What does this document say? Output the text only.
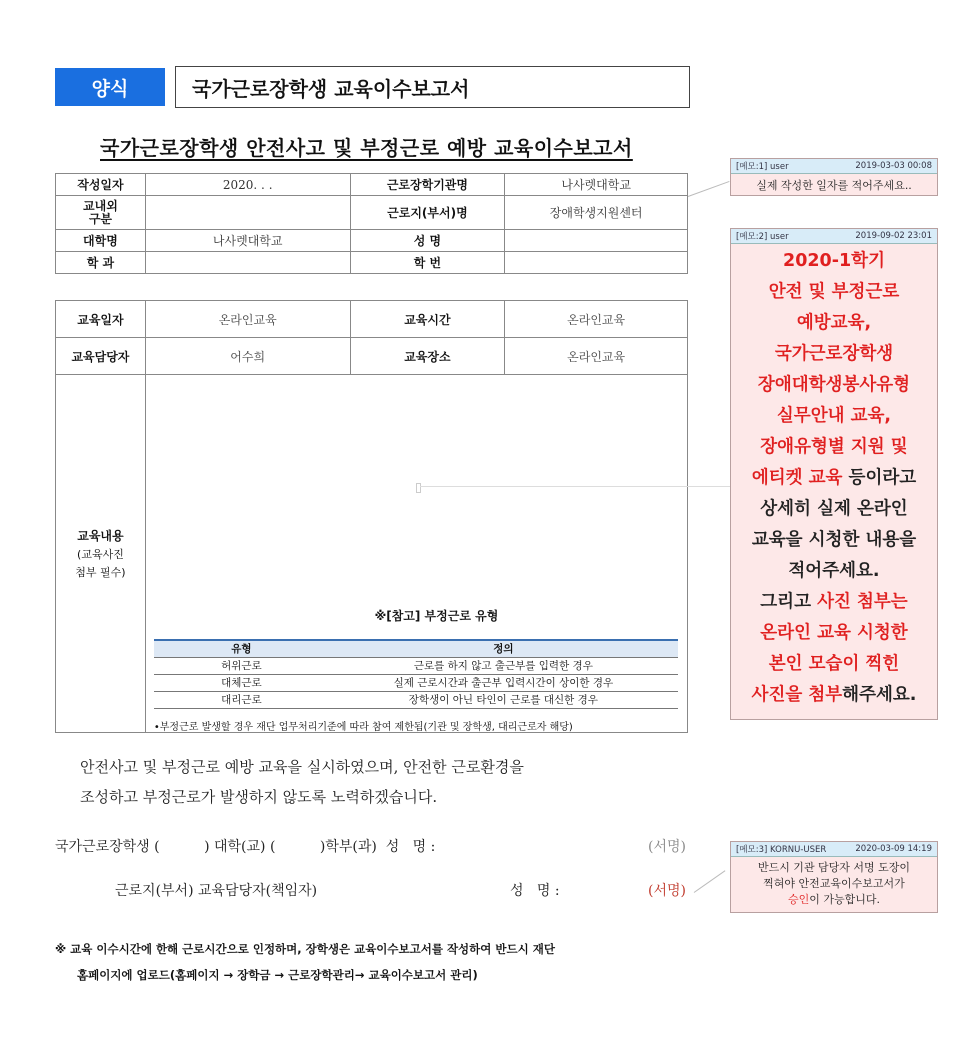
양식	국가근로장학생 교육이수보고서
국가근로장학생 안전사고 및 부정근로 예방 교육이수보고서
작성일자	2020. . .	근로장학기관명	나사렛대학교

교내외
구분		근로지(부서)명	장애학생지원센터
대학명	나사렛대학교	성 명	
학 과		학 번	
교육일자	온라인교육	교육시간	온라인교육
교육담당자	어수희	교육장소	온라인교육

교육내용
(교육사진
첨부 필수)

※[참고] 부정근로 유형
유형	정의
허위근로	근로를 하지 않고 출근부를 입력한 경우
대체근로	실제 근로시간과 출근부 입력시간이 상이한 경우
대리근로	장학생이 아닌 타인이 근로를 대신한 경우
•부정근로 발생할 경우 재단 업무처리기준에 따라 참여 제한됨(기관 및 장학생, 대리근로자 해당)
안전사고 및 부정근로 예방 교육을 실시하였으며, 안전한 근로환경을
조성하고 부정근로가 발생하지 않도록 노력하겠습니다.
국가근로장학생 (          ) 대학(교) (          )학부(과)  성   명 :	(서명)
근로지(부서) 교육담당자(책임자)	성   명 :	(서명)
※ 교육 이수시간에 한해 근로시간으로 인정하며, 장학생은 교육이수보고서를 작성하여 반드시 재단
홈페이지에 업로드(홈페이지 → 장학금 → 근로장학관리→ 교육이수보고서 관리)
[메모:1] user	2019-03-03 00:08
실제 작성한 일자를 적어주세요..
[메모:2] user	2019-09-02 23:01
2020-1학기
안전 및 부정근로
예방교육,
국가근로장학생
장애대학생봉사유형
실무안내 교육,
장애유형별 지원 및
에티켓 교육 등이라고
상세히 실제 온라인
교육을 시청한 내용을
적어주세요.
그리고 사진 첨부는
온라인 교육 시청한
본인 모습이 찍힌
사진을 첨부해주세요.
[메모:3] KORNU-USER	2020-03-09 14:19
반드시 기관 담당자 서명 도장이
찍혀야 안전교육이수보고서가
승인이 가능합니다.
